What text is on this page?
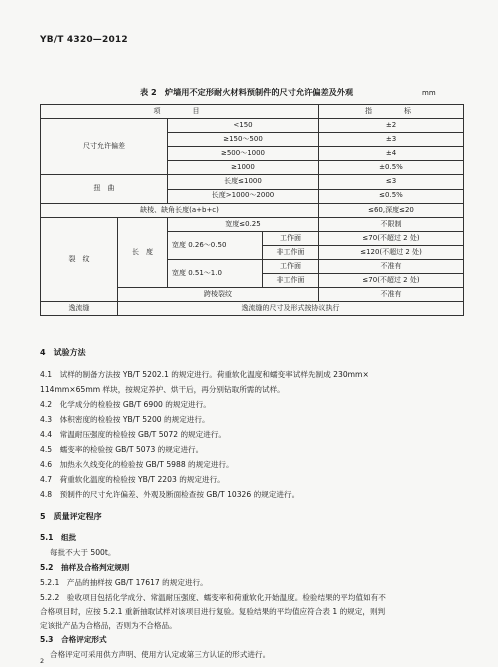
YB/T 4320—2012
表 2　炉墙用不定形耐火材料预制件的尺寸允许偏差及外观	mm
项　　目				指　　标
尺寸允许偏差		<150		±2
		≥150～500		±3
		≥500～1000		±4
		≥1000		±0.5%
扭　曲		长度≤1000		≤3
		长度>1000～2000		≤0.5%
缺棱、缺角长度(a+b+c)				≤60,深度≤20
裂　纹	长　度	宽度≤0.25		不限制
		宽度 0.26～0.50	工作面	≤70(不超过 2 处)
			非工作面	≤120(不超过 2 处)
		宽度 0.51～1.0	工作面	不准有
			非工作面	≤70(不超过 2 处)
	跨棱裂纹			不准有
逸流缝	逸流缝的尺寸及形式按协议执行			
4　试验方法
4.1　试样的制备方法按 YB/T 5202.1 的规定进行。荷重软化温度和蠕变率试样先制成 230mm×
114mm×65mm 样块，按规定养护、烘干后，再分别钻取所需的试样。
4.2　化学成分的检验按 GB/T 6900 的规定进行。
4.3　体积密度的检验按 YB/T 5200 的规定进行。
4.4　常温耐压强度的检验按 GB/T 5072 的规定进行。
4.5　蠕变率的检验按 GB/T 5073 的规定进行。
4.6　加热永久线变化的检验按 GB/T 5988 的规定进行。
4.7　荷重软化温度的检验按 YB/T 2203 的规定进行。
4.8　预制件的尺寸允许偏差、外观及断面检查按 GB/T 10326 的规定进行。
5　质量评定程序
5.1　组批
每批不大于 500t。
5.2　抽样及合格判定规则
5.2.1　产品的抽样按 GB/T 17617 的规定进行。
5.2.2　验收项目包括化学成分、常温耐压强度、蠕变率和荷重软化开始温度。检验结果的平均值如有不
合格项目时，应按 5.2.1 重新抽取试样对该项目进行复验。复验结果的平均值应符合表 1 的规定，则判
定该批产品为合格品，否则为不合格品。
5.3　合格评定形式
合格评定可采用供方声明、使用方认定或第三方认证的形式进行。
2
